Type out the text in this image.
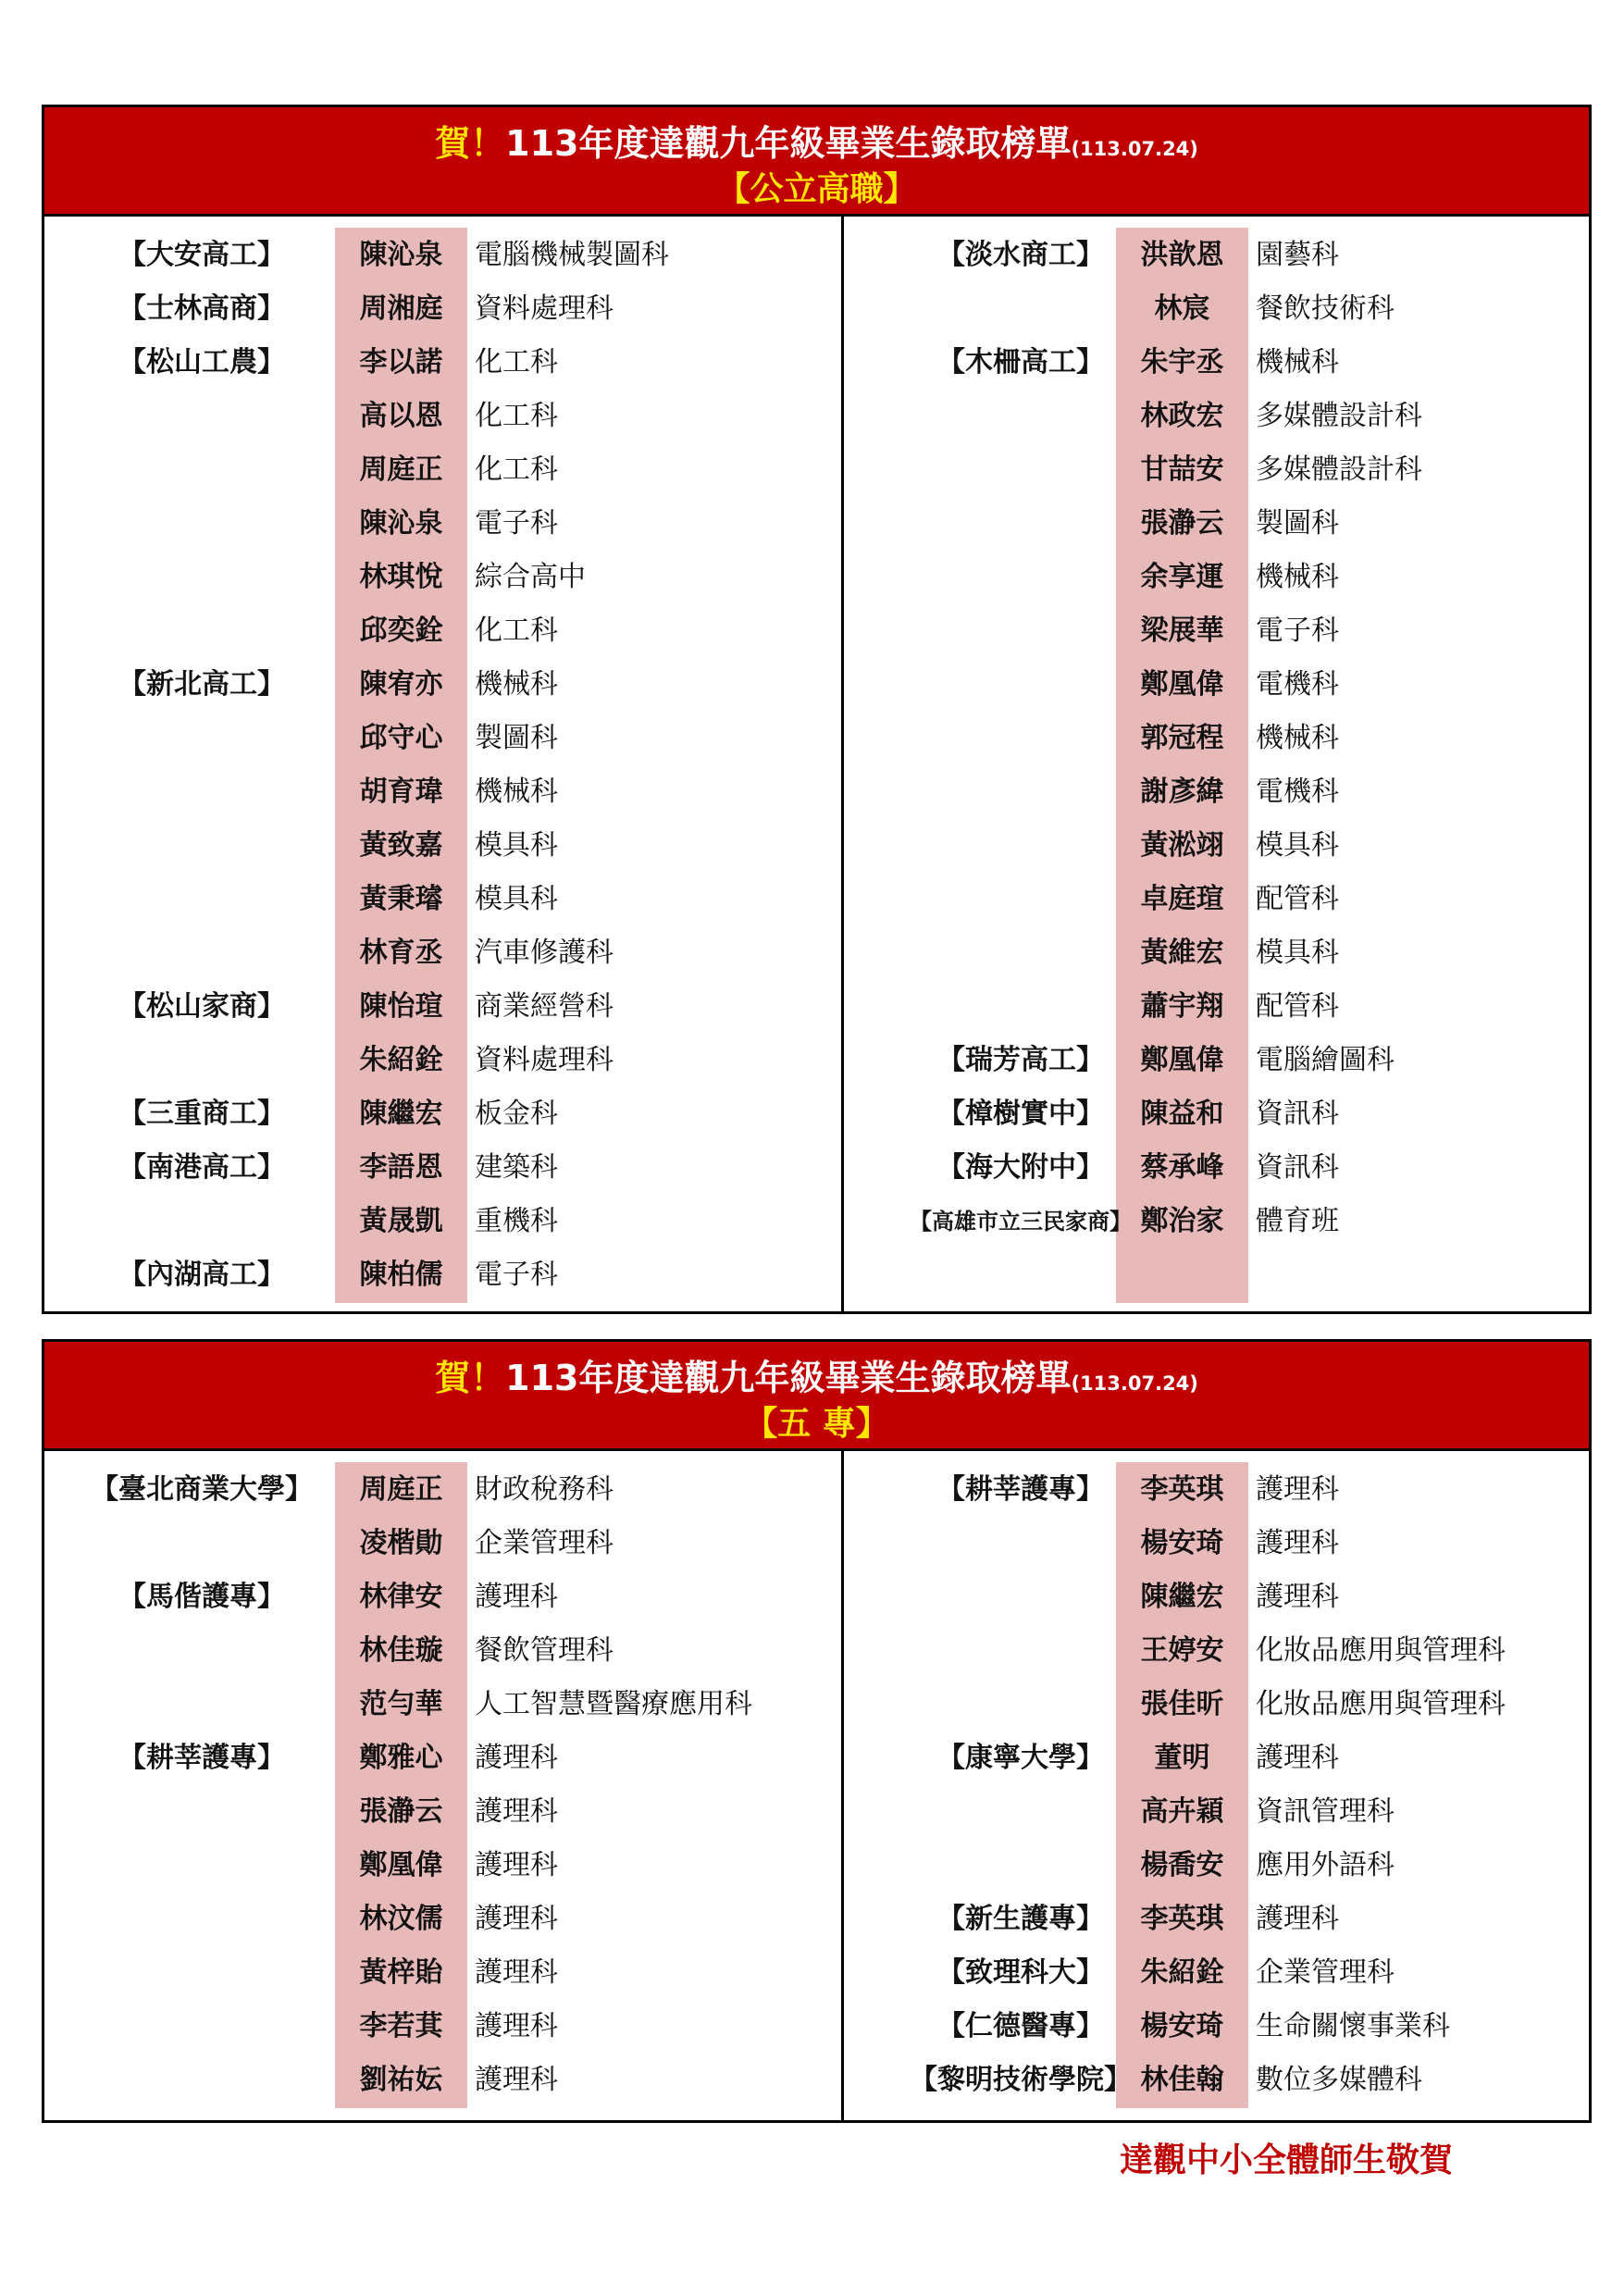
賀！113年度達觀九年級畢業生錄取榜單(113.07.24)
【公立高職】
【大安高工】	陳沁泉	電腦機械製圖科
【士林高商】	周湘庭	資料處理科
【松山工農】	李以諾	化工科
高以恩	化工科
周庭正	化工科
陳沁泉	電子科
林琪悅	綜合高中
邱奕銓	化工科
【新北高工】	陳宥亦	機械科
邱守心	製圖科
胡育瑋	機械科
黃致嘉	模具科
黃秉璿	模具科
林育丞	汽車修護科
【松山家商】	陳怡瑄	商業經營科
朱紹銓	資料處理科
【三重商工】	陳繼宏	板金科
【南港高工】	李語恩	建築科
黃晟凱	重機科
【內湖高工】	陳柏儒	電子科
【淡水商工】	洪歆恩	園藝科
林宸	餐飲技術科
【木柵高工】	朱宇丞	機械科
林政宏	多媒體設計科
甘喆安	多媒體設計科
張瀞云	製圖科
余享運	機械科
梁展華	電子科
鄭凰偉	電機科
郭冠程	機械科
謝彥緯	電機科
黃淞翊	模具科
卓庭瑄	配管科
黃維宏	模具科
蕭宇翔	配管科
【瑞芳高工】	鄭凰偉	電腦繪圖科
【樟樹實中】	陳益和	資訊科
【海大附中】	蔡承峰	資訊科
【高雄市立三民家商】 鄭治家	體育班
賀！113年度達觀九年級畢業生錄取榜單(113.07.24)
【五 專】
【臺北商業大學】	周庭正	財政稅務科
凌楷勛	企業管理科
【馬偕護專】	林律安	護理科
林佳璇	餐飲管理科
范勻華	人工智慧暨醫療應用科
【耕莘護專】	鄭雅心	護理科
張瀞云	護理科
鄭凰偉	護理科
林汶儒	護理科
黃梓貽	護理科
李若萁	護理科
劉祐妘	護理科
【耕莘護專】	李英琪	護理科
楊安琦	護理科
陳繼宏	護理科
王婷安	化妝品應用與管理科
張佳昕	化妝品應用與管理科
【康寧大學】	董明	護理科
高卉穎	資訊管理科
楊喬安	應用外語科
【新生護專】	李英琪	護理科
【致理科大】	朱紹銓	企業管理科
【仁德醫專】	楊安琦	生命關懷事業科
【黎明技術學院】 林佳翰	數位多媒體科
達觀中小全體師生敬賀
